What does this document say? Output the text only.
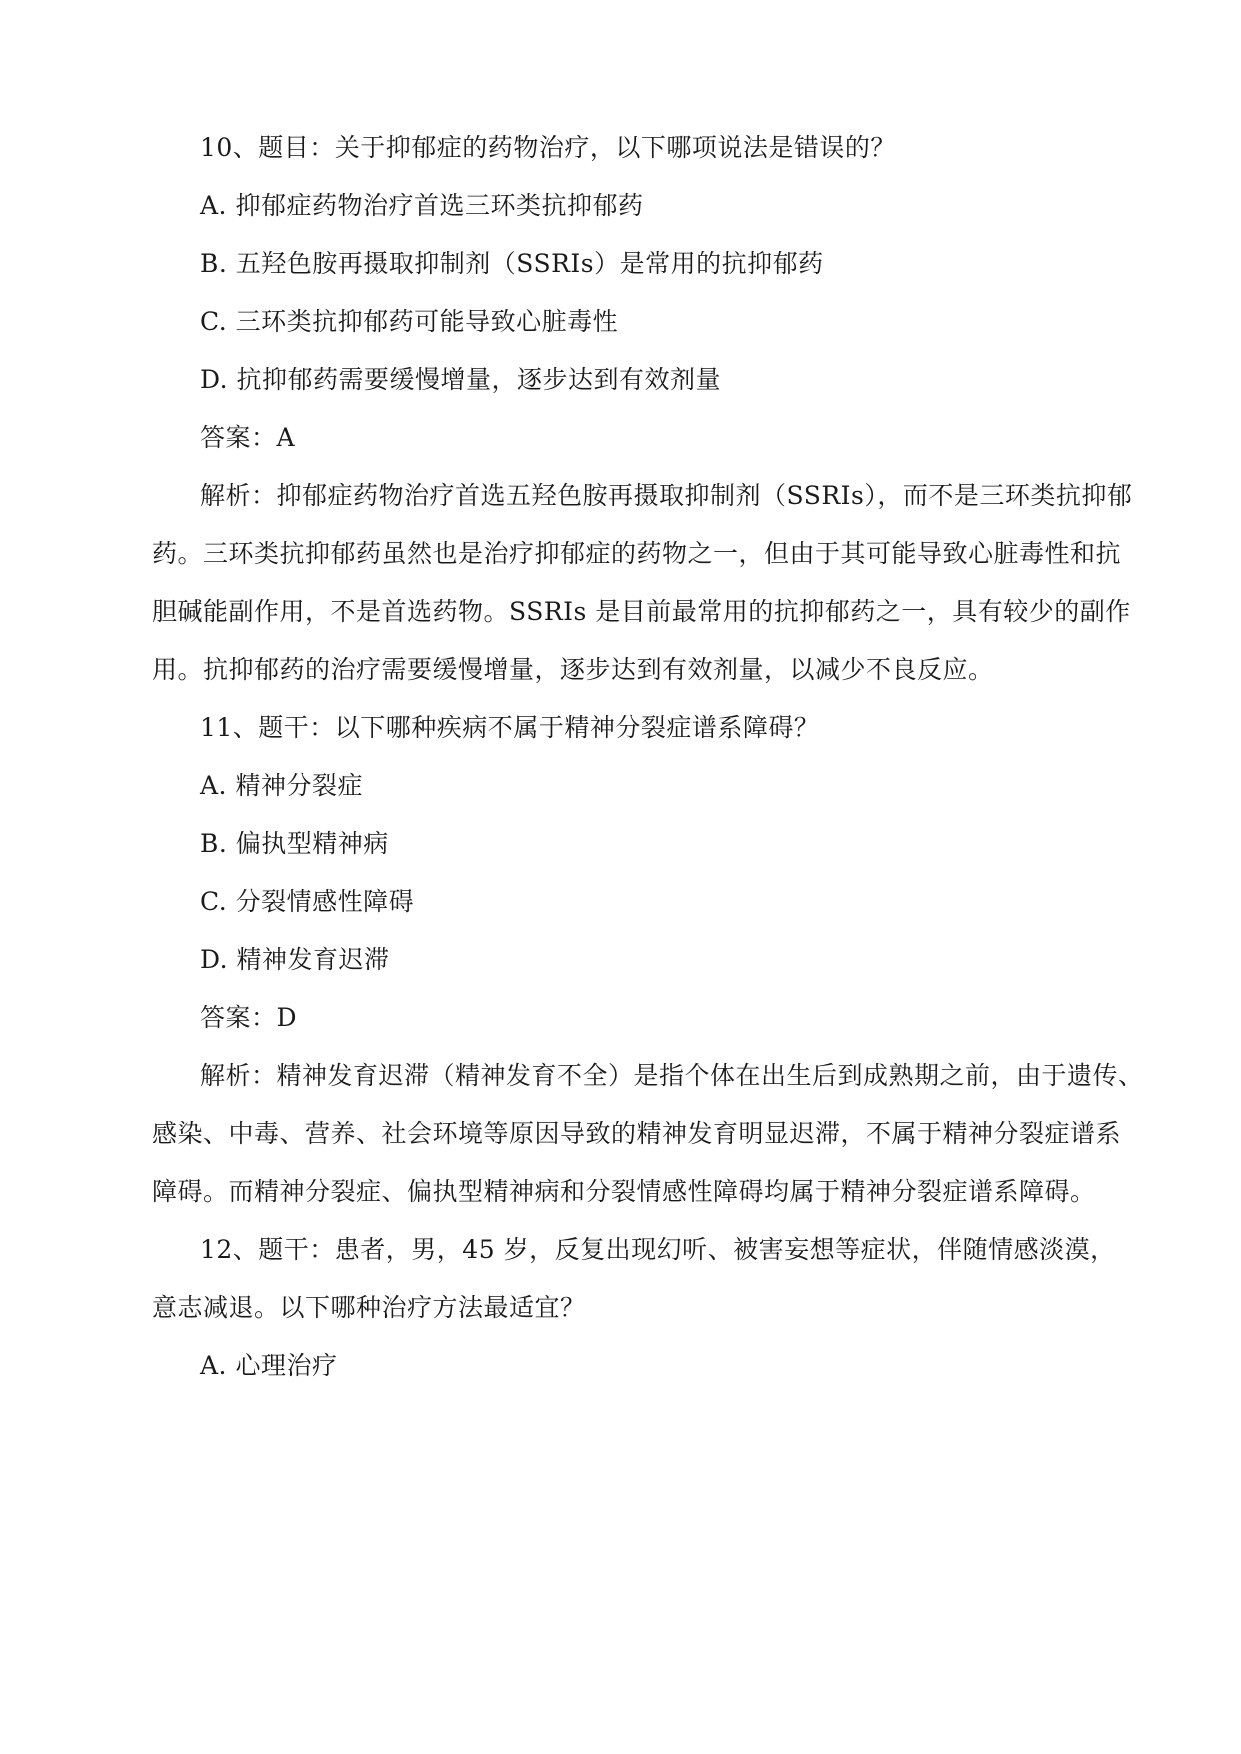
10、题目：关于抑郁症的药物治疗，以下哪项说法是错误的？
A. 抑郁症药物治疗首选三环类抗抑郁药
B. 五羟色胺再摄取抑制剂（SSRIs）是常用的抗抑郁药
C. 三环类抗抑郁药可能导致心脏毒性
D. 抗抑郁药需要缓慢增量，逐步达到有效剂量
答案：A
解析：抑郁症药物治疗首选五羟色胺再摄取抑制剂（SSRIs），而不是三环类抗抑郁
药。三环类抗抑郁药虽然也是治疗抑郁症的药物之一，但由于其可能导致心脏毒性和抗
胆碱能副作用，不是首选药物。SSRIs 是目前最常用的抗抑郁药之一，具有较少的副作
用。抗抑郁药的治疗需要缓慢增量，逐步达到有效剂量，以减少不良反应。
11、题干：以下哪种疾病不属于精神分裂症谱系障碍？
A. 精神分裂症
B. 偏执型精神病
C. 分裂情感性障碍
D. 精神发育迟滞
答案：D
解析：精神发育迟滞（精神发育不全）是指个体在出生后到成熟期之前，由于遗传、
感染、中毒、营养、社会环境等原因导致的精神发育明显迟滞，不属于精神分裂症谱系
障碍。而精神分裂症、偏执型精神病和分裂情感性障碍均属于精神分裂症谱系障碍。
12、题干：患者，男，45 岁，反复出现幻听、被害妄想等症状，伴随情感淡漠，
意志减退。以下哪种治疗方法最适宜？
A. 心理治疗
